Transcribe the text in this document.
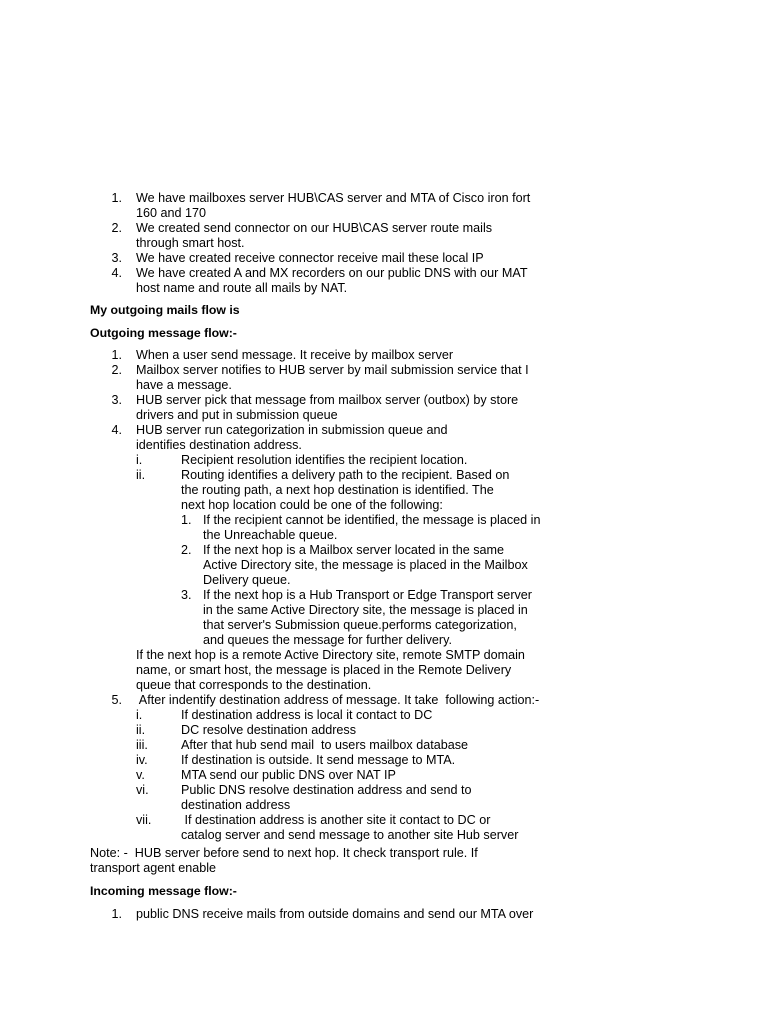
1. We have mailboxes server HUB\CAS server and MTA of Cisco iron fort 160 and 170
2. We created send connector on our HUB\CAS server route mails through smart host.
3. We have created receive connector receive mail these local IP
4. We have created A and MX recorders on our public DNS with our MAT host name and route all mails by NAT.
My outgoing mails flow is
Outgoing message flow:-
1. When a user send message. It receive by mailbox server
2. Mailbox server notifies to HUB server by mail submission service that I have a message.
3. HUB server pick that message from mailbox server (outbox) by store drivers and put in submission queue
4. HUB server run categorization in submission queue and identifies destination address.
i.	Recipient resolution identifies the recipient location.
ii.	Routing identifies a delivery path to the recipient. Based on the routing path, a next hop destination is identified. The next hop location could be one of the following:
1. If the recipient cannot be identified, the message is placed in the Unreachable queue.
2. If the next hop is a Mailbox server located in the same Active Directory site, the message is placed in the Mailbox Delivery queue.
3. If the next hop is a Hub Transport or Edge Transport server in the same Active Directory site, the message is placed in that server's Submission queue.performs categorization, and queues the message for further delivery.
If the next hop is a remote Active Directory site, remote SMTP domain name, or smart host, the message is placed in the Remote Delivery queue that corresponds to the destination.
5. After indentify destination address of message. It take  following action:-
i.	If destination address is local it contact to DC
ii.	DC resolve destination address
iii.	After that hub send mail  to users mailbox database
iv.	If destination is outside. It send message to MTA.
v.	MTA send our public DNS over NAT IP
vi.	Public DNS resolve destination address and send to destination address
vii. If destination address is another site it contact to DC or catalog server and send message to another site Hub server
Note: -  HUB server before send to next hop. It check transport rule. If transport agent enable
Incoming message flow:-
1. public DNS receive mails from outside domains and send our MTA over
